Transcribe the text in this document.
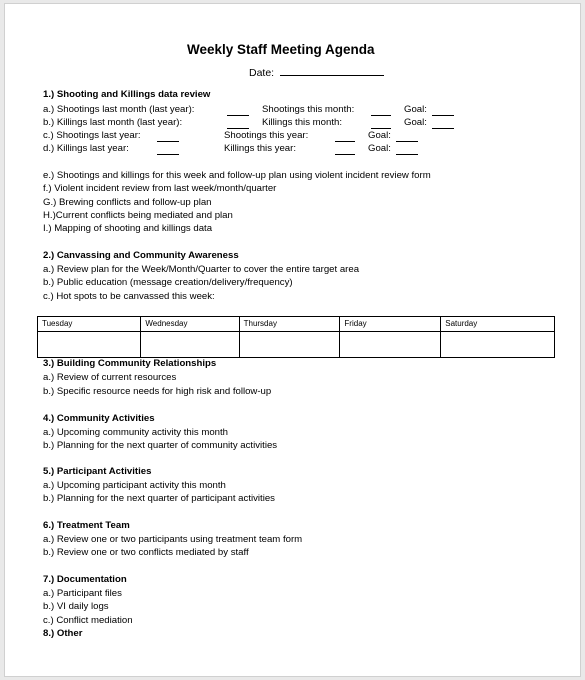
Weekly Staff Meeting Agenda
Date:
1.) Shooting and Killings data review
a.) Shootings last month (last year):	Shootings this month:	Goal:
b.) Killings last month (last year):	Killings this month:	Goal:
c.) Shootings last year:	Shootings this year:	Goal:
d.) Killings last year:	Killings this year:	Goal:
e.) Shootings and killings for this week and follow-up plan using violent incident review form
f.) Violent incident review from last week/month/quarter
G.) Brewing conflicts and follow-up plan
H.)Current conflicts being mediated and plan
I.) Mapping of shooting and killings data
2.) Canvassing and Community Awareness
a.) Review plan for the Week/Month/Quarter to cover the entire target area
b.) Public education (message creation/delivery/frequency)
c.) Hot spots to be canvassed this week:
Tuesday	Wednesday	Thursday	Friday	Saturday

3.) Building Community Relationships
a.) Review of current resources
b.) Specific resource needs for high risk and follow-up
4.) Community Activities
a.) Upcoming community activity this month
b.) Planning for the next quarter of community activities
5.) Participant Activities
a.) Upcoming participant activity this month
b.) Planning for the next quarter of participant activities
6.) Treatment Team
a.) Review one or two participants using treatment team form
b.) Review one or two conflicts mediated by staff
7.) Documentation
a.) Participant files
b.) VI daily logs
c.) Conflict mediation
8.) Other
